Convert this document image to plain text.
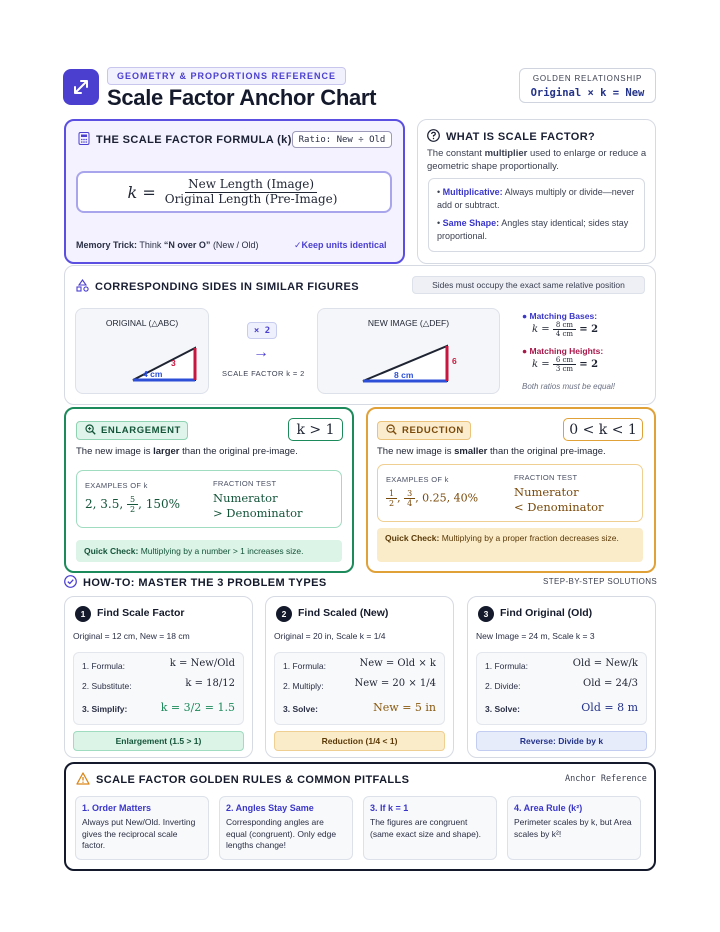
GEOMETRY & PROPORTIONS REFERENCE
Scale Factor Anchor Chart
GOLDEN RELATIONSHIP
Original × k = New
THE SCALE FACTOR FORMULA (k) Ratio: New ÷ Old
$k = \frac{\text{New Length (Image)}}{\text{Original Length (Pre-Image)}}$
Memory Trick: Think “N over O” (New / Old)	✓Keep units identical
WHAT IS SCALE FACTOR?
The constant multiplier used to enlarge or reduce a geometric shape proportionally.
• Multiplicative: Always multiply or divide—never add or subtract.
• Same Shape: Angles stay identical; sides stay proportional.
CORRESPONDING SIDES IN SIMILAR FIGURES	Sides must occupy the exact same relative position
ORIGINAL (△ABC)
4 cm
3
× 2
→
SCALE FACTOR k = 2
NEW IMAGE (△DEF)
8 cm
6
● Matching Bases:
$k = \frac{8 cm}{4 cm} = 2$
● Matching Heights:
$k = \frac{6 cm}{3 cm} = 2$
Both ratios must be equal!
ENLARGEMENT	k > 1
The new image is larger than the original pre-image.
EXAMPLES OF k
2, 3.5, $\frac{5}{2}$ , 150%
FRACTION TEST
Numerator
> Denominator
Quick Check: Multiplying by a number > 1 increases size.
REDUCTION	0 < k < 1
The new image is smaller than the original pre-image.
EXAMPLES OF k
$\frac{1}{2}$ , $\frac{3}{4}$ , 0.25, 40%
FRACTION TEST
Numerator
< Denominator
Quick Check: Multiplying by a proper fraction decreases size.
HOW-TO: MASTER THE 3 PROBLEM TYPES	STEP-BY-STEP SOLUTIONS
1	Find Scale Factor
Original = 12 cm, New = 18 cm
1. Formula:	k = New/Old
2. Substitute:	k = 18/12
3. Simplify:	k = 3/2 = 1.5
Enlargement (1.5 > 1)
2	Find Scaled (New)
Original = 20 in, Scale k = 1/4
1. Formula:	New = Old × k
2. Multiply:	New = 20 × 1/4
3. Solve:	New = 5 in
Reduction (1/4 < 1)
3	Find Original (Old)
New Image = 24 m, Scale k = 3
1. Formula:	Old = New/k
2. Divide:	Old = 24/3
3. Solve:	Old = 8 m
Reverse: Divide by k
SCALE FACTOR GOLDEN RULES & COMMON PITFALLS	Anchor Reference
1. Order Matters
Always put New/Old. Inverting gives the reciprocal scale factor.
2. Angles Stay Same
Corresponding angles are equal (congruent). Only edge lengths change!
3. If k = 1
The figures are congruent (same exact size and shape).
4. Area Rule (k²)
Perimeter scales by k, but Area scales by k²!
